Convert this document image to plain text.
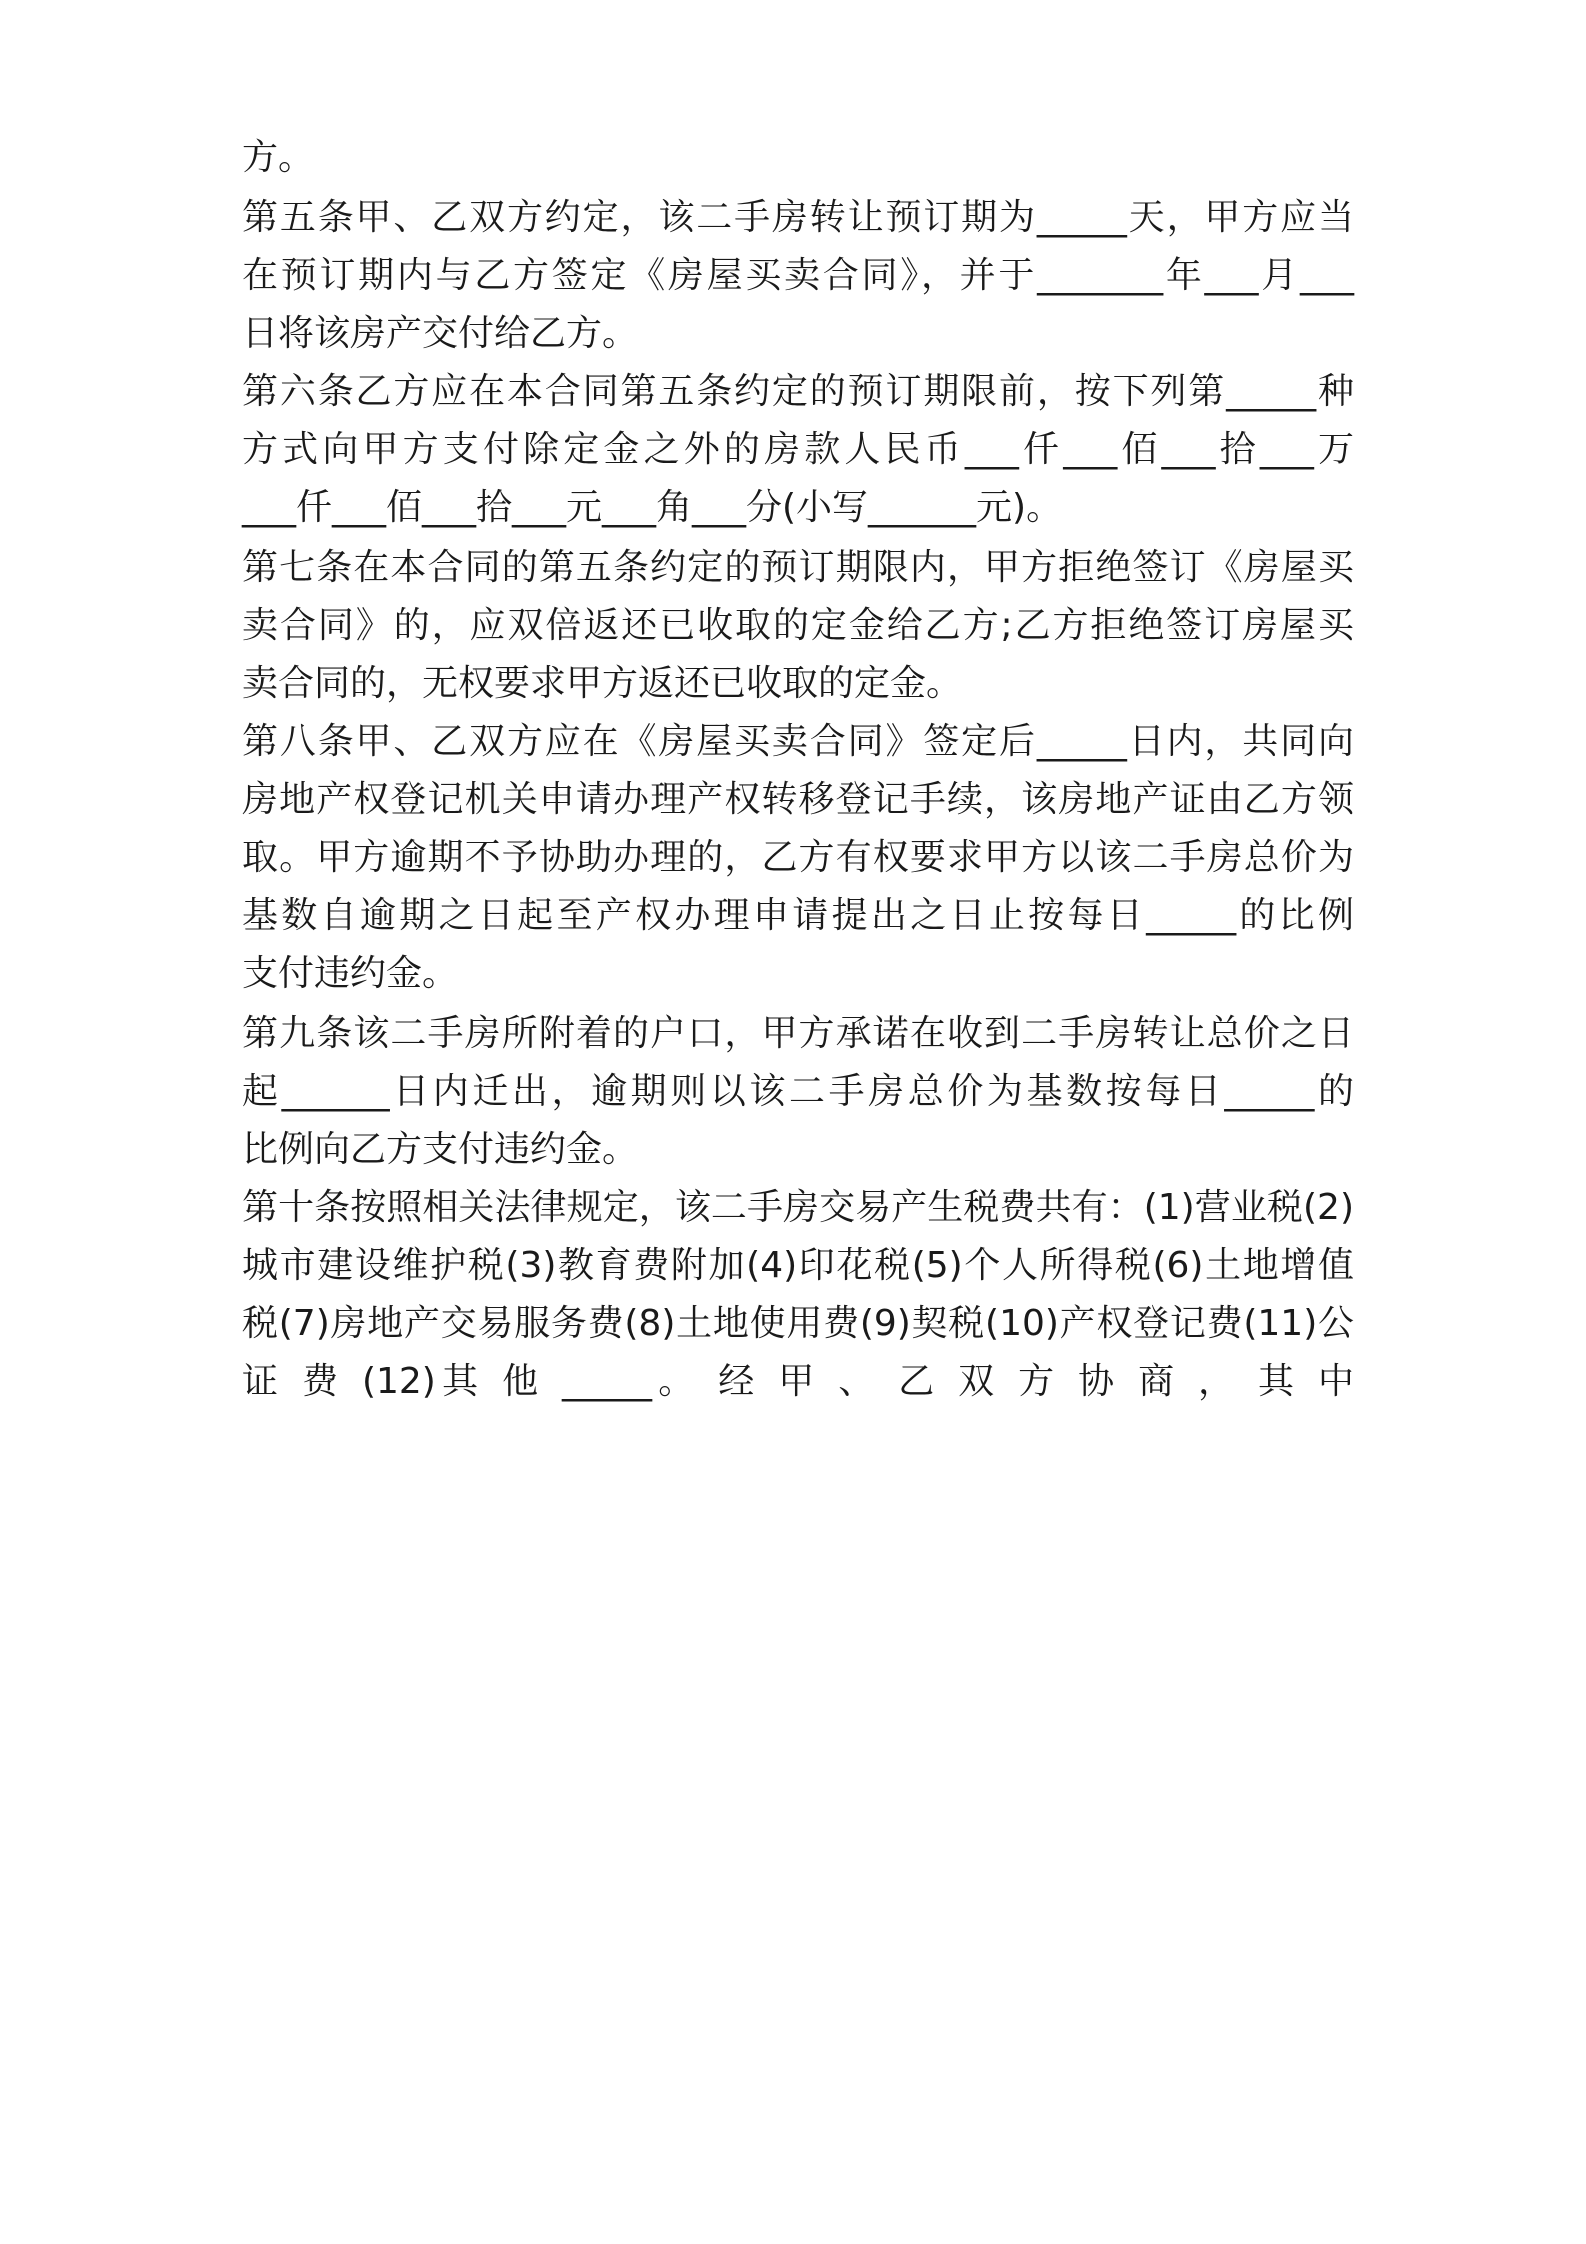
方。
第五条甲、乙双方约定，该二手房转让预订期为_____天，甲方应当
在预订期内与乙方签定《房屋买卖合同》，并于_______年___月___
日将该房产交付给乙方。
第六条乙方应在本合同第五条约定的预订期限前，按下列第_____种
方式向甲方支付除定金之外的房款人民币___仟___佰___拾___万
___仟___佰___拾___元___角___分(小写______元)。
第七条在本合同的第五条约定的预订期限内，甲方拒绝签订《房屋买
卖合同》的，应双倍返还已收取的定金给乙方;乙方拒绝签订房屋买
卖合同的，无权要求甲方返还已收取的定金。
第八条甲、乙双方应在《房屋买卖合同》签定后_____日内，共同向
房地产权登记机关申请办理产权转移登记手续，该房地产证由乙方领
取。甲方逾期不予协助办理的，乙方有权要求甲方以该二手房总价为
基数自逾期之日起至产权办理申请提出之日止按每日_____的比例
支付违约金。
第九条该二手房所附着的户口，甲方承诺在收到二手房转让总价之日
起______日内迁出，逾期则以该二手房总价为基数按每日_____的
比例向乙方支付违约金。
第十条按照相关法律规定，该二手房交易产生税费共有：(1)营业税(2)
城市建设维护税(3)教育费附加(4)印花税(5)个人所得税(6)土地增值
税(7)房地产交易服务费(8)土地使用费(9)契税(10)产权登记费(11)公
证 费 (12)其 他 _____。 经 甲 、 乙 双 方 协 商 ， 其 中
